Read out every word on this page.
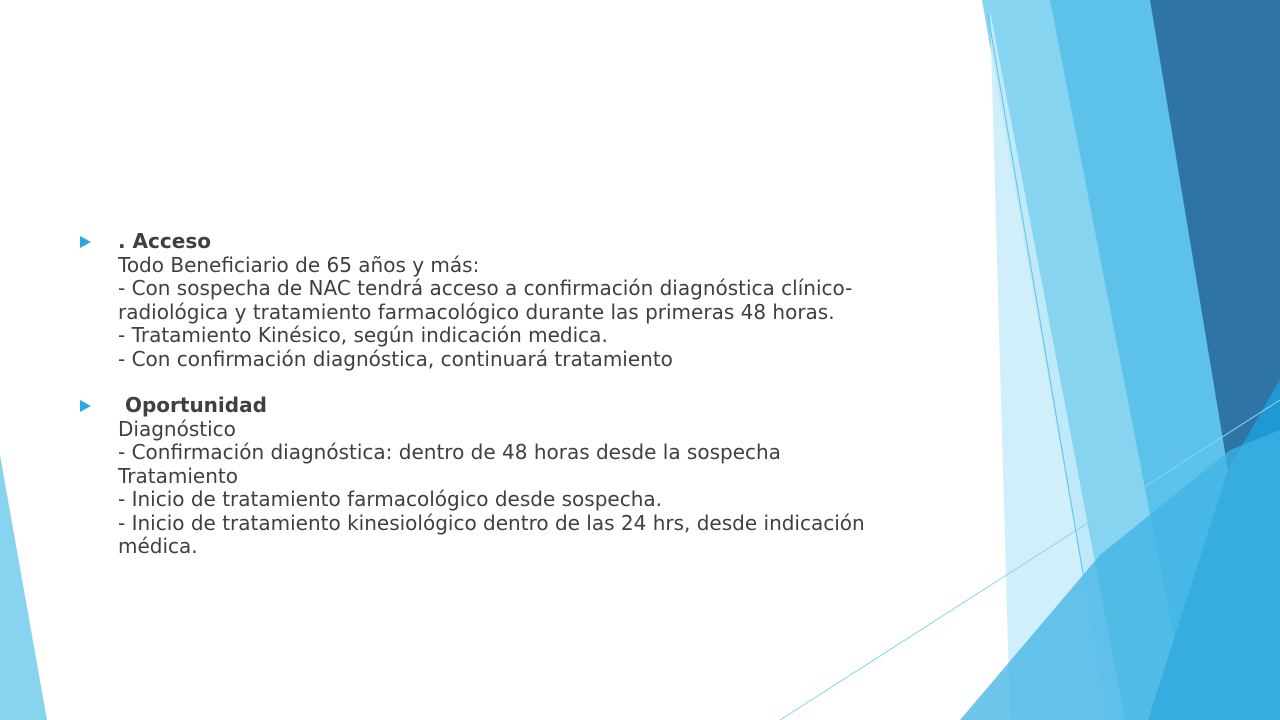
. Acceso
Todo Beneficiario de 65 años y más:
- Con sospecha de NAC tendrá acceso a confirmación diagnóstica clínico-
radiológica y tratamiento farmacológico durante las primeras 48 horas.
- Tratamiento Kinésico, según indicación medica.
- Con confirmación diagnóstica, continuará tratamiento
Oportunidad
Diagnóstico
- Confirmación diagnóstica: dentro de 48 horas desde la sospecha
Tratamiento
- Inicio de tratamiento farmacológico desde sospecha.
- Inicio de tratamiento kinesiológico dentro de las 24 hrs, desde indicación
médica.
